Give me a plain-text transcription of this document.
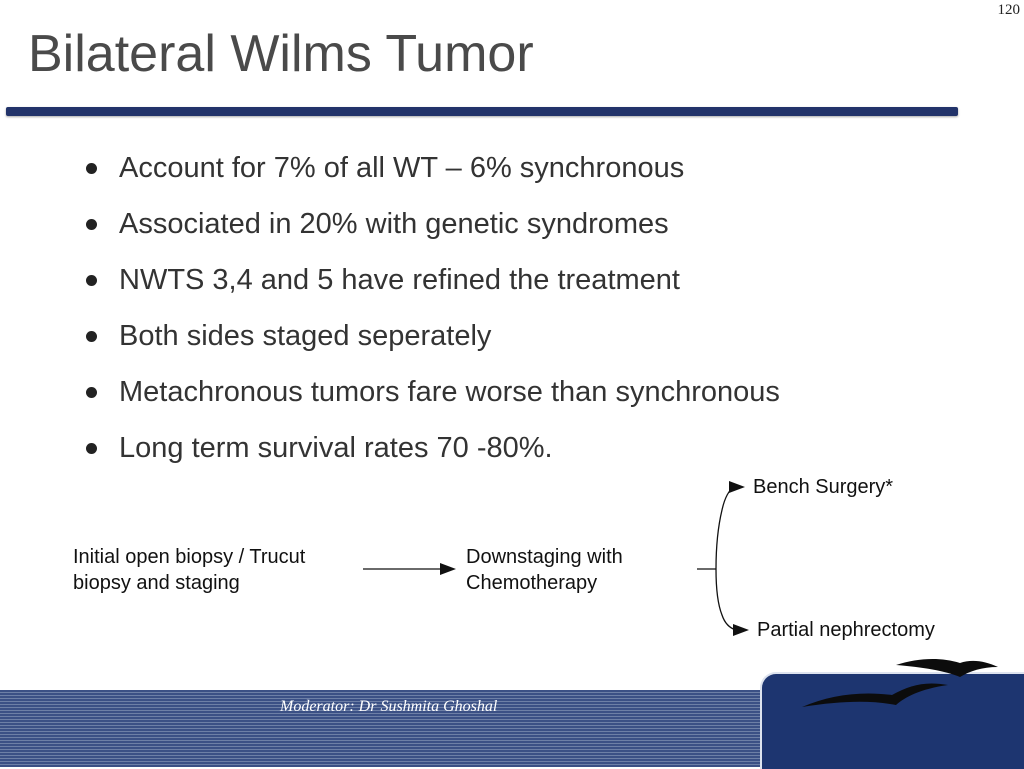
120
Bilateral Wilms Tumor
Account for 7% of all WT – 6% synchronous
Associated in 20% with genetic syndromes
NWTS 3,4 and 5 have refined the treatment
Both sides staged seperately
Metachronous tumors fare worse than synchronous
Long term survival rates 70 -80%.
Initial open biopsy / Trucut
biopsy and staging
Downstaging with
Chemotherapy
Bench Surgery*
Partial nephrectomy
Moderator: Dr Sushmita Ghoshal
